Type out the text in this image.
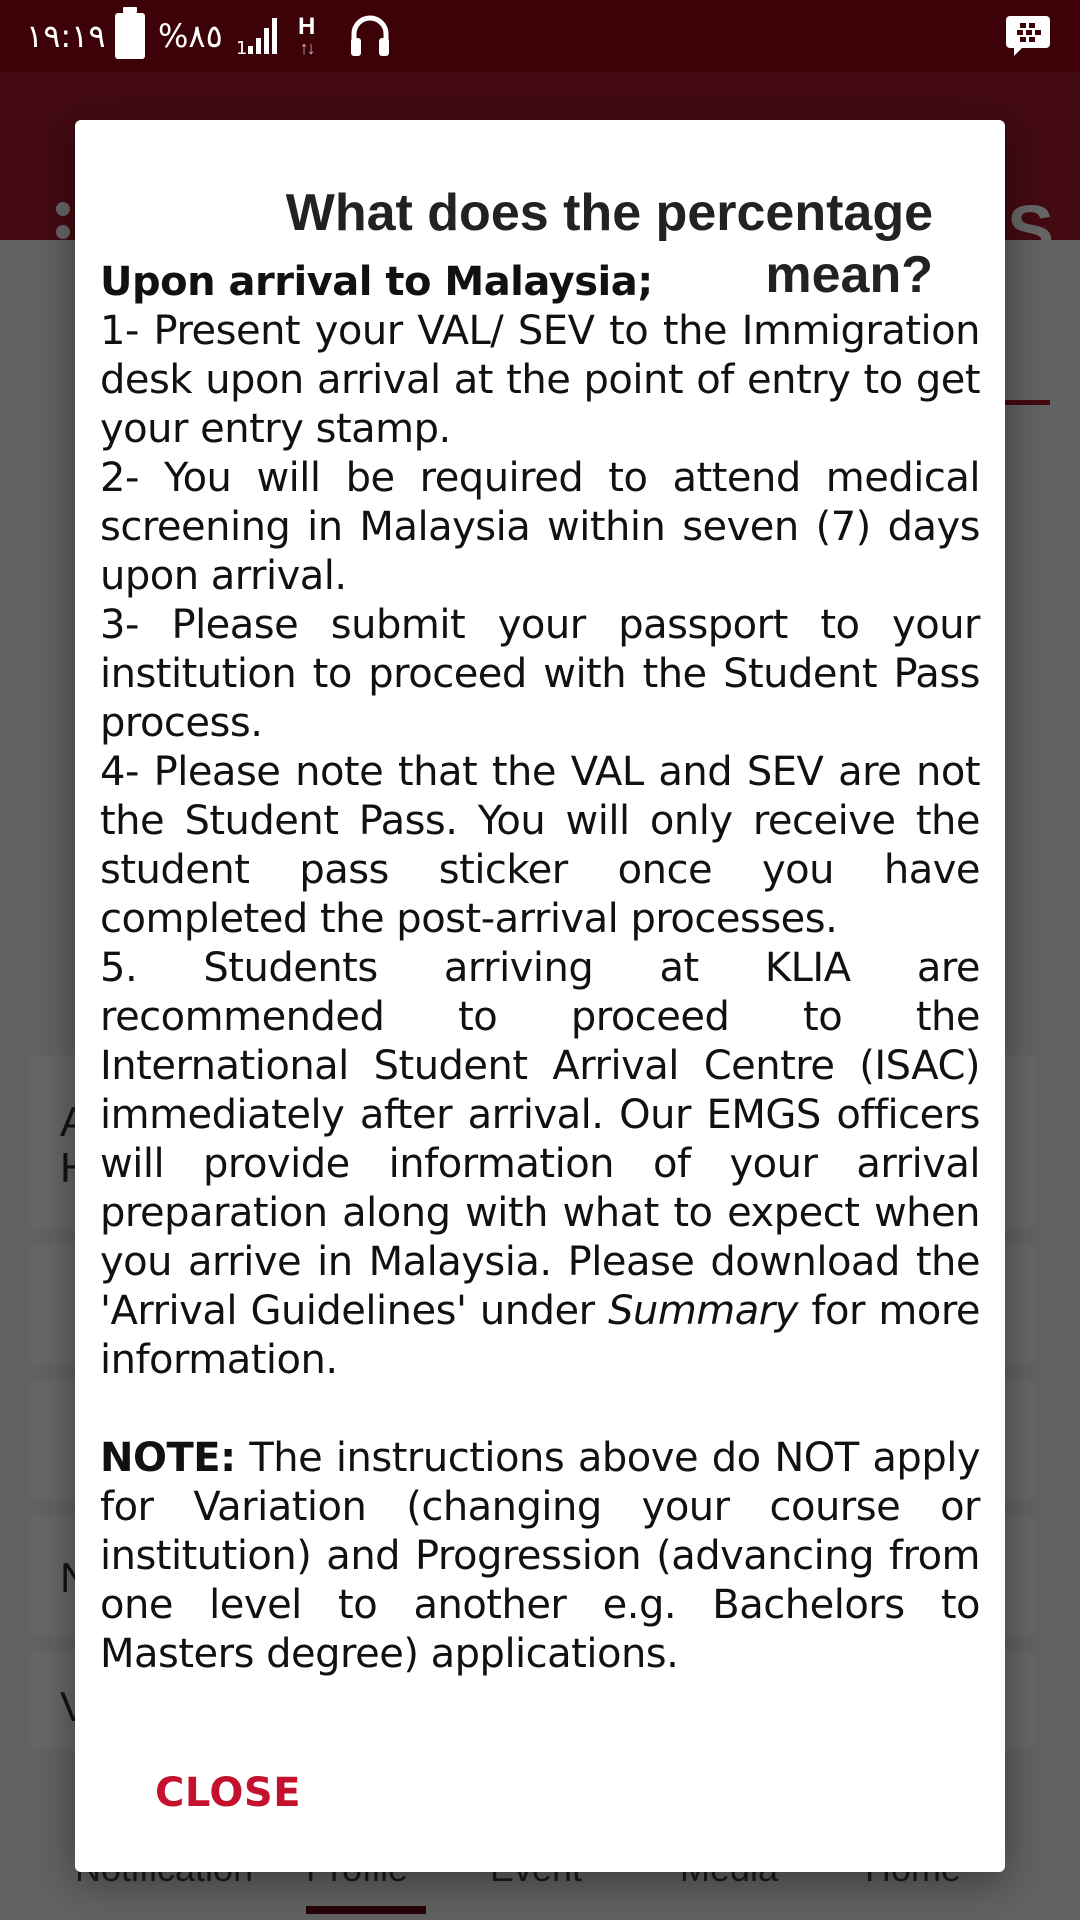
١٩:١٩ %٨٥ 1
H
↑↓
What does the percentage mean?

Upon arrival to Malaysia;

1- Present your VAL/ SEV to the Immigration desk upon arrival at the point of entry to get your entry stamp.

2- You will be required to attend medical screening in Malaysia within seven (7) days upon arrival.

3- Please submit your passport to your institution to proceed with the Student Pass process.

4- Please note that the VAL and SEV are not the Student Pass. You will only receive the student pass sticker once you have completed the post-arrival processes.

5. Students arriving at KLIA are recommended to proceed to the International Student Arrival Centre (ISAC) immediately after arrival. Our EMGS officers will provide information of your arrival preparation along with what to expect when you arrive in Malaysia. Please download the 'Arrival Guidelines' under Summary for more information.

NOTE: The instructions above do NOT apply for Variation (changing your course or institution) and Progression (advancing from one level to another e.g. Bachelors to Masters degree) applications.

CLOSE
